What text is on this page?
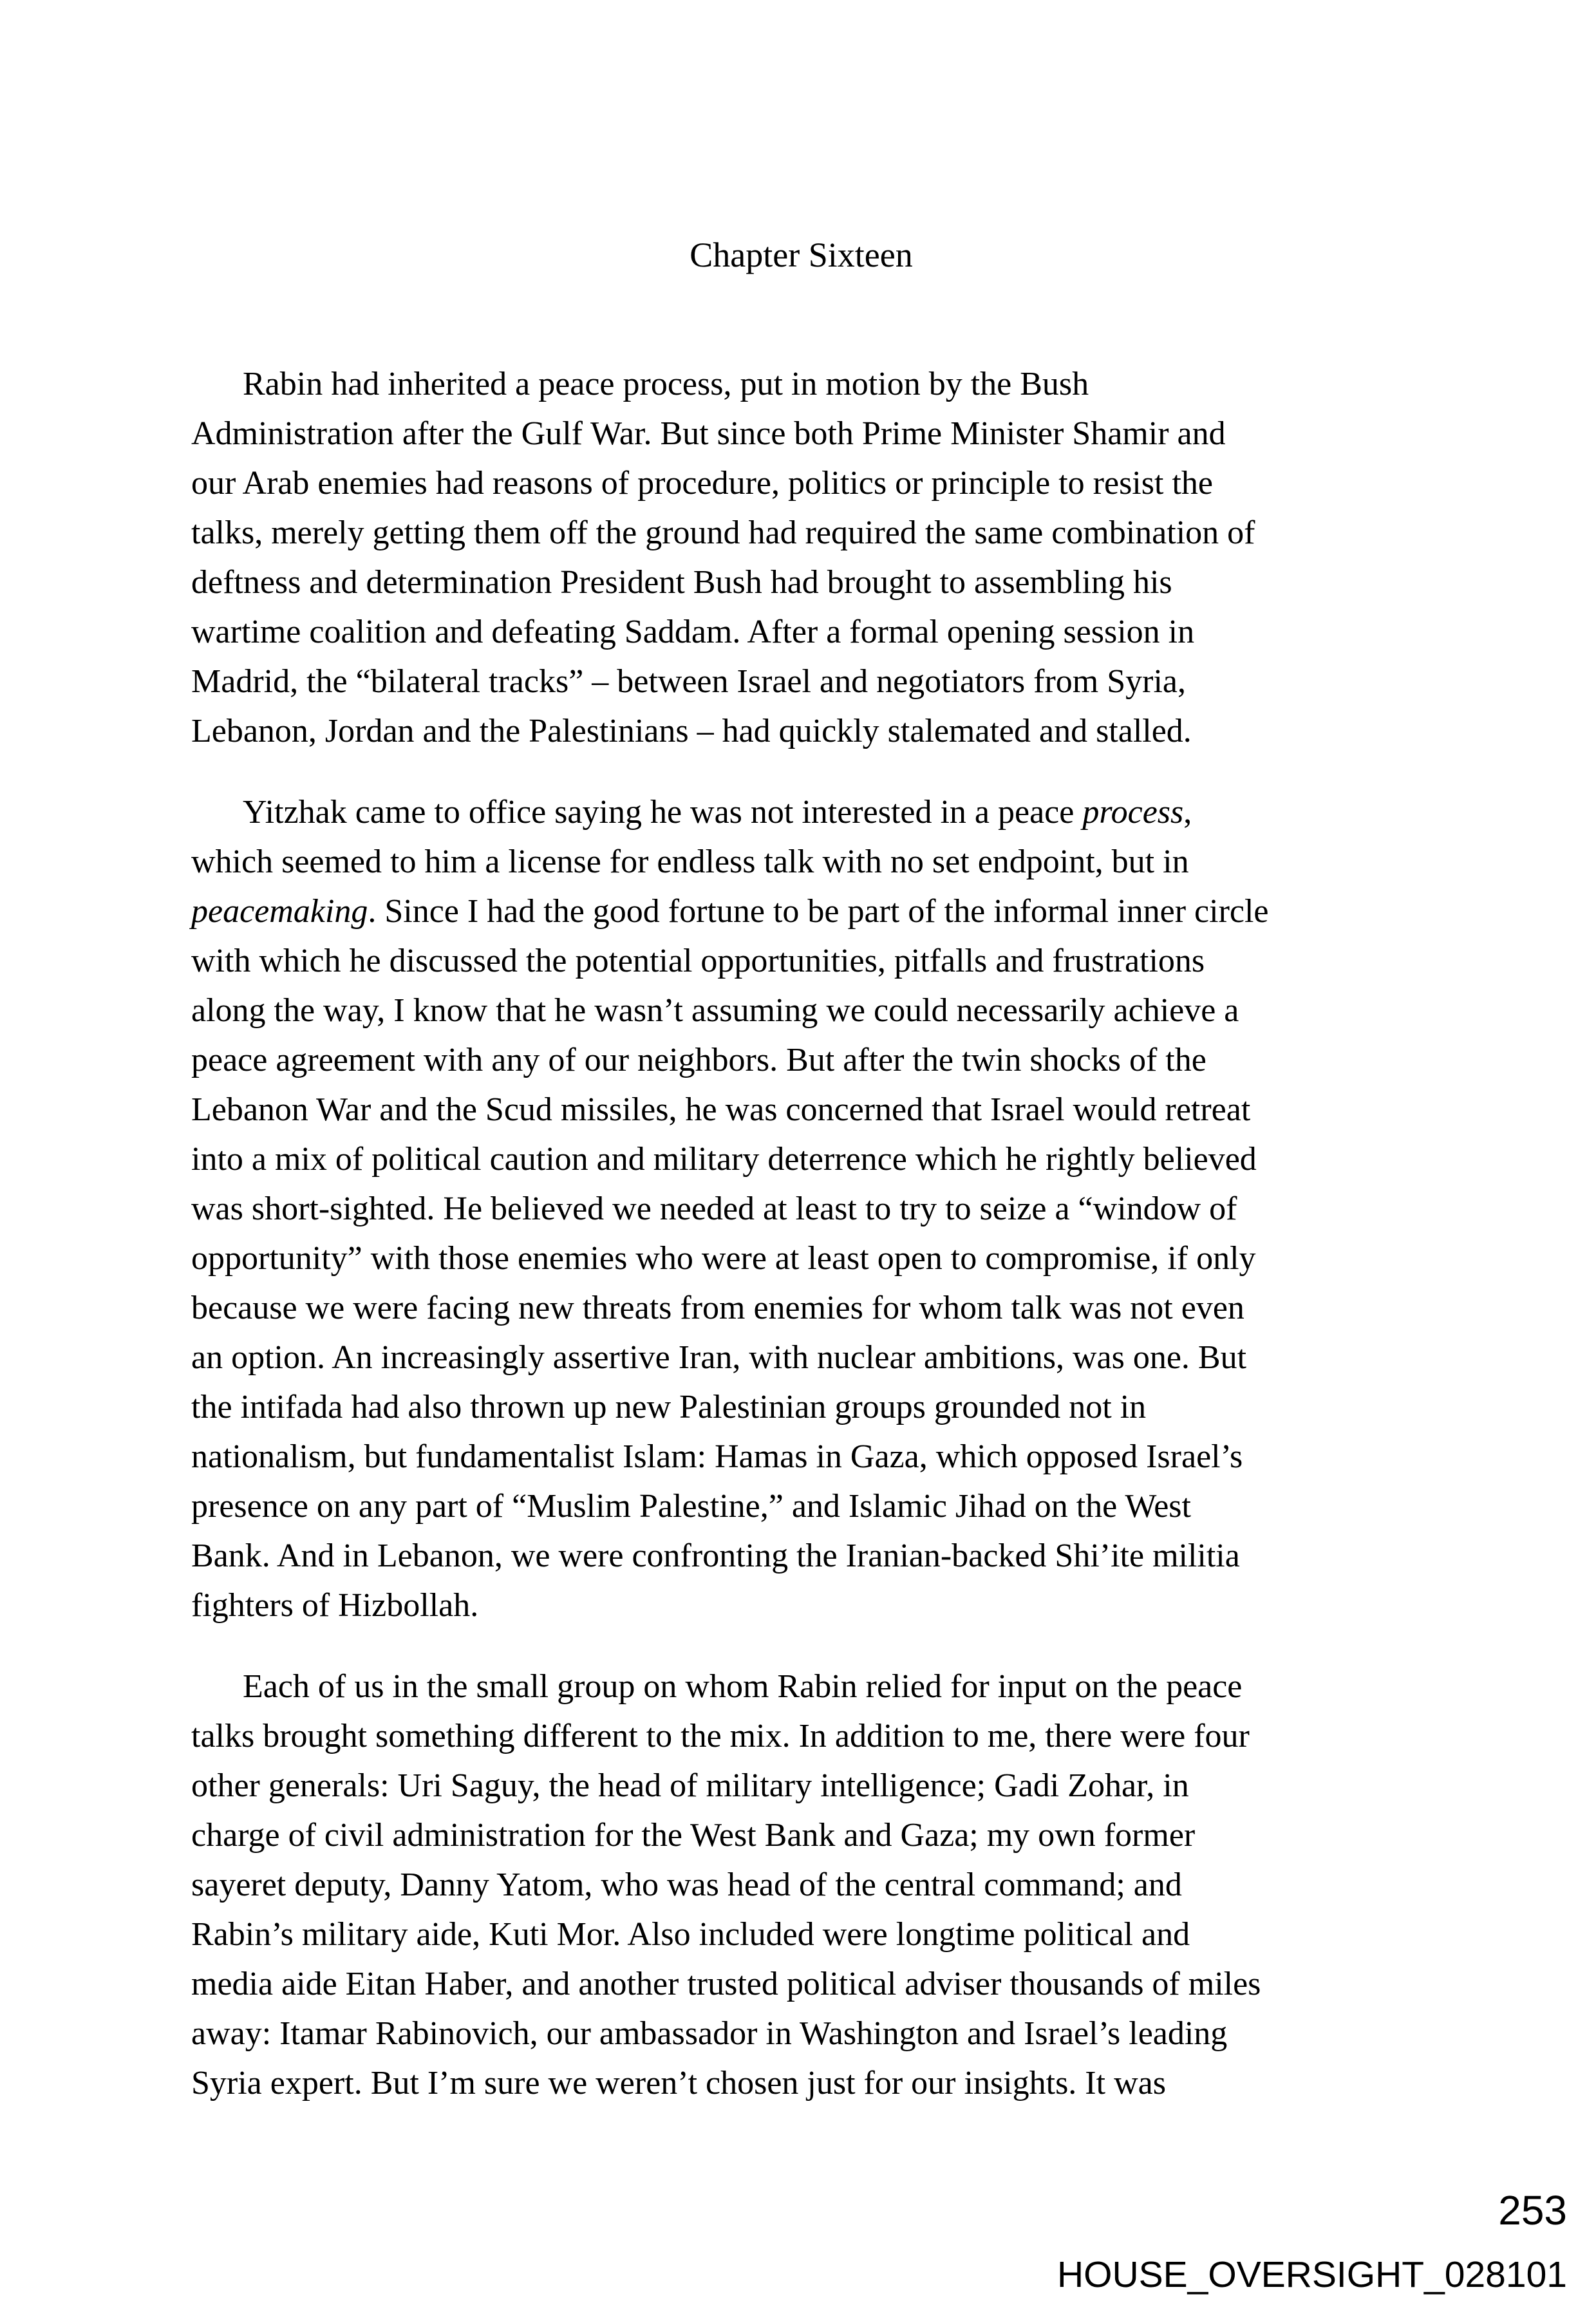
Chapter Sixteen
Rabin had inherited a peace process, put in motion by the Bush
Administration after the Gulf War. But since both Prime Minister Shamir and
our Arab enemies had reasons of procedure, politics or principle to resist the
talks, merely getting them off the ground had required the same combination of
deftness and determination President Bush had brought to assembling his
wartime coalition and defeating Saddam. After a formal opening session in
Madrid, the “bilateral tracks” – between Israel and negotiators from Syria,
Lebanon, Jordan and the Palestinians – had quickly stalemated and stalled.
Yitzhak came to office saying he was not interested in a peace process,
which seemed to him a license for endless talk with no set endpoint, but in
peacemaking. Since I had the good fortune to be part of the informal inner circle
with which he discussed the potential opportunities, pitfalls and frustrations
along the way, I know that he wasn’t assuming we could necessarily achieve a
peace agreement with any of our neighbors. But after the twin shocks of the
Lebanon War and the Scud missiles, he was concerned that Israel would retreat
into a mix of political caution and military deterrence which he rightly believed
was short-sighted. He believed we needed at least to try to seize a “window of
opportunity” with those enemies who were at least open to compromise, if only
because we were facing new threats from enemies for whom talk was not even
an option. An increasingly assertive Iran, with nuclear ambitions, was one. But
the intifada had also thrown up new Palestinian groups grounded not in
nationalism, but fundamentalist Islam: Hamas in Gaza, which opposed Israel’s
presence on any part of “Muslim Palestine,” and Islamic Jihad on the West
Bank. And in Lebanon, we were confronting the Iranian-backed Shi’ite militia
fighters of Hizbollah.
Each of us in the small group on whom Rabin relied for input on the peace
talks brought something different to the mix. In addition to me, there were four
other generals: Uri Saguy, the head of military intelligence; Gadi Zohar, in
charge of civil administration for the West Bank and Gaza; my own former
sayeret deputy, Danny Yatom, who was head of the central command; and
Rabin’s military aide, Kuti Mor. Also included were longtime political and
media aide Eitan Haber, and another trusted political adviser thousands of miles
away: Itamar Rabinovich, our ambassador in Washington and Israel’s leading
Syria expert. But I’m sure we weren’t chosen just for our insights. It was
253
HOUSE_OVERSIGHT_028101
